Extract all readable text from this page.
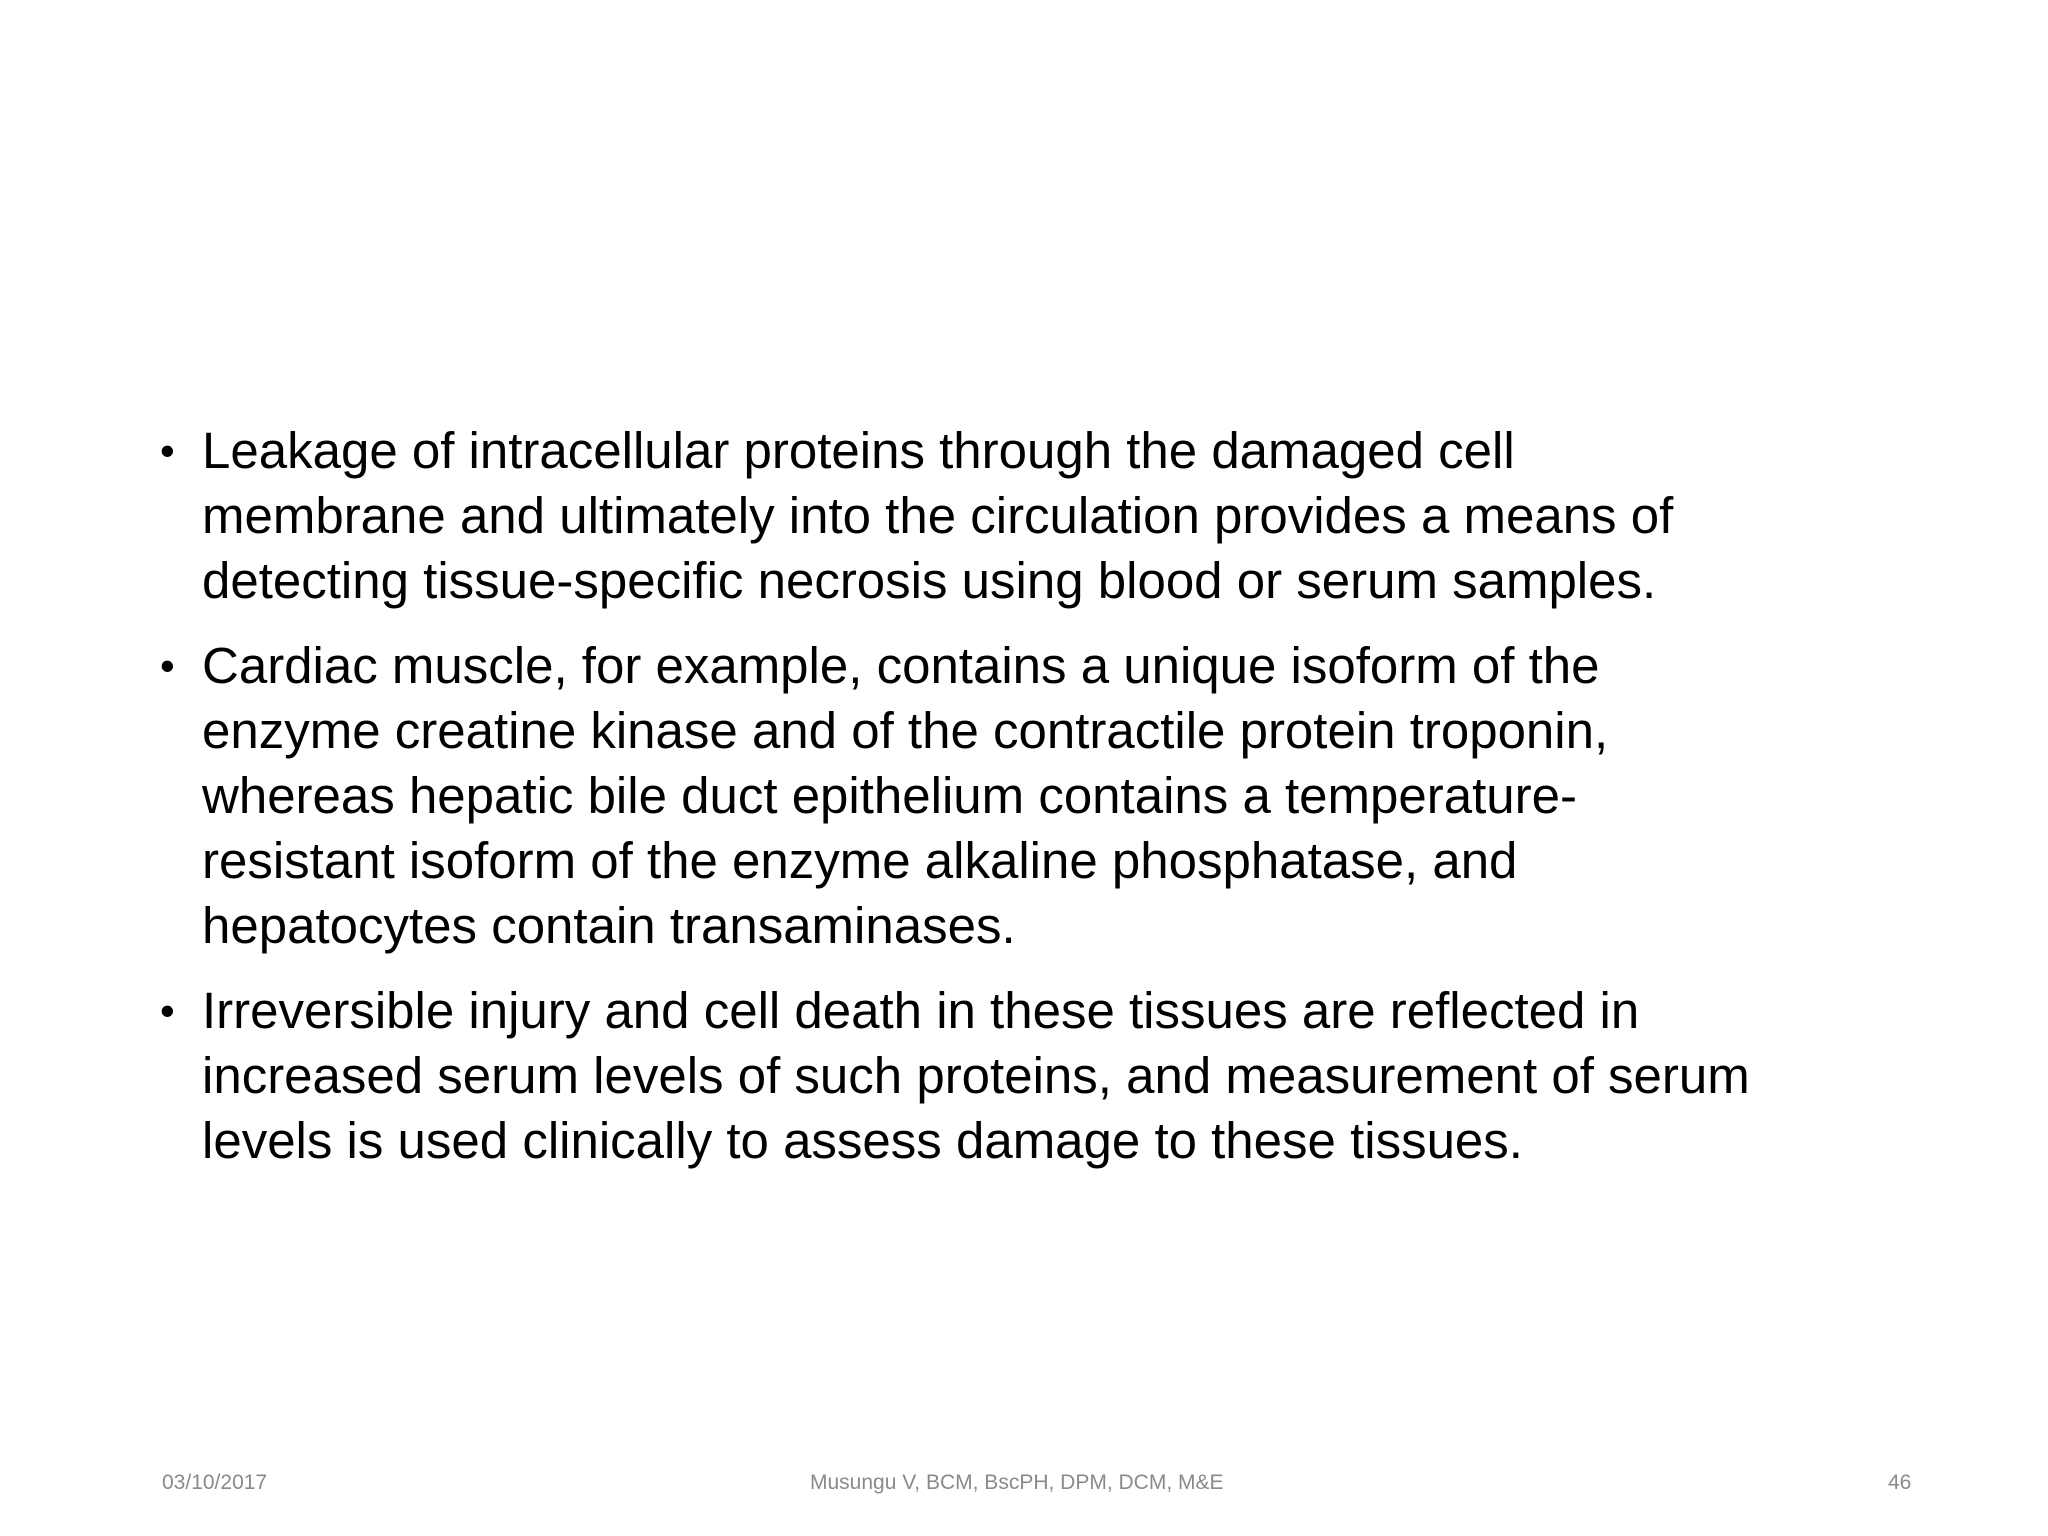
• Leakage of intracellular proteins through the damaged cell
membrane and ultimately into the circulation provides a means of
detecting tissue-specific necrosis using blood or serum samples.
• Cardiac muscle, for example, contains a unique isoform of the
enzyme creatine kinase and of the contractile protein troponin,
whereas hepatic bile duct epithelium contains a temperature-
resistant isoform of the enzyme alkaline phosphatase, and
hepatocytes contain transaminases.
• Irreversible injury and cell death in these tissues are reflected in
increased serum levels of such proteins, and measurement of serum
levels is used clinically to assess damage to these tissues.
03/10/2017	Musungu V, BCM, BscPH, DPM, DCM, M&E	46
